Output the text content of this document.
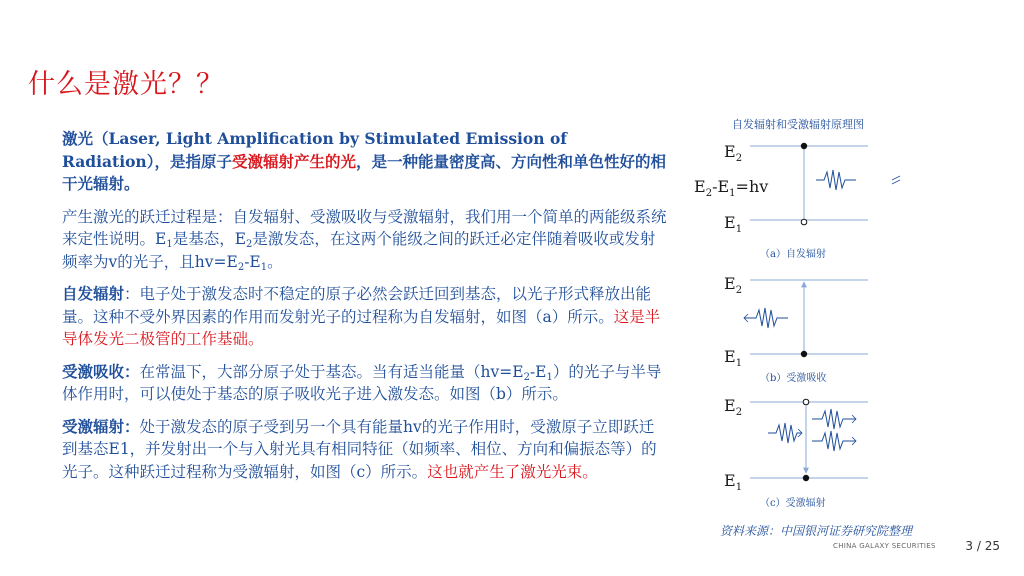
什么是激光？？

激光（Laser, Light Amplification by Stimulated Emission of Radiation），是指原子受激辐射产生的光，是一种能量密度高、方向性和单色性好的相干光辐射。

产生激光的跃迁过程是：自发辐射、受激吸收与受激辐射，我们用一个简单的两能级系统来定性说明。$E_1$是基态，$E_2$是激发态，在这两个能级之间的跃迁必定伴随着吸收或发射频率为v的光子，且$hv=E_2-E_1$。

自发辐射：电子处于激发态时不稳定的原子必然会跃迁回到基态，以光子形式释放出能量。这种不受外界因素的作用而发射光子的过程称为自发辐射，如图（a）所示。这是半导体发光二极管的工作基础。

受激吸收：在常温下，大部分原子处于基态。当有适当能量$(hv=E_2-E_1)$的光子与半导体作用时，可以使处于基态的原子吸收光子进入激发态。如图（b）所示。

受激辐射：处于激发态的原子受到另一个具有能量hv的光子作用时，受激原子立即跃迁到基态E1，并发射出一个与入射光具有相同特征（如频率、相位、方向和偏振态等）的光子。这种跃迁过程称为受激辐射，如图（c）所示。这也就产生了激光光束。

自发辐射和受激辐射原理图
$E_2$
$E_2-E_1=hv$
$E_1$
（a）自发辐射
$E_2$
$E_1$
（b）受激吸收
$E_2$
$E_1$
（c）受激辐射
资料来源：中国银河证券研究院整理
CHINA GALAXY SECURITIES 3 / 25
